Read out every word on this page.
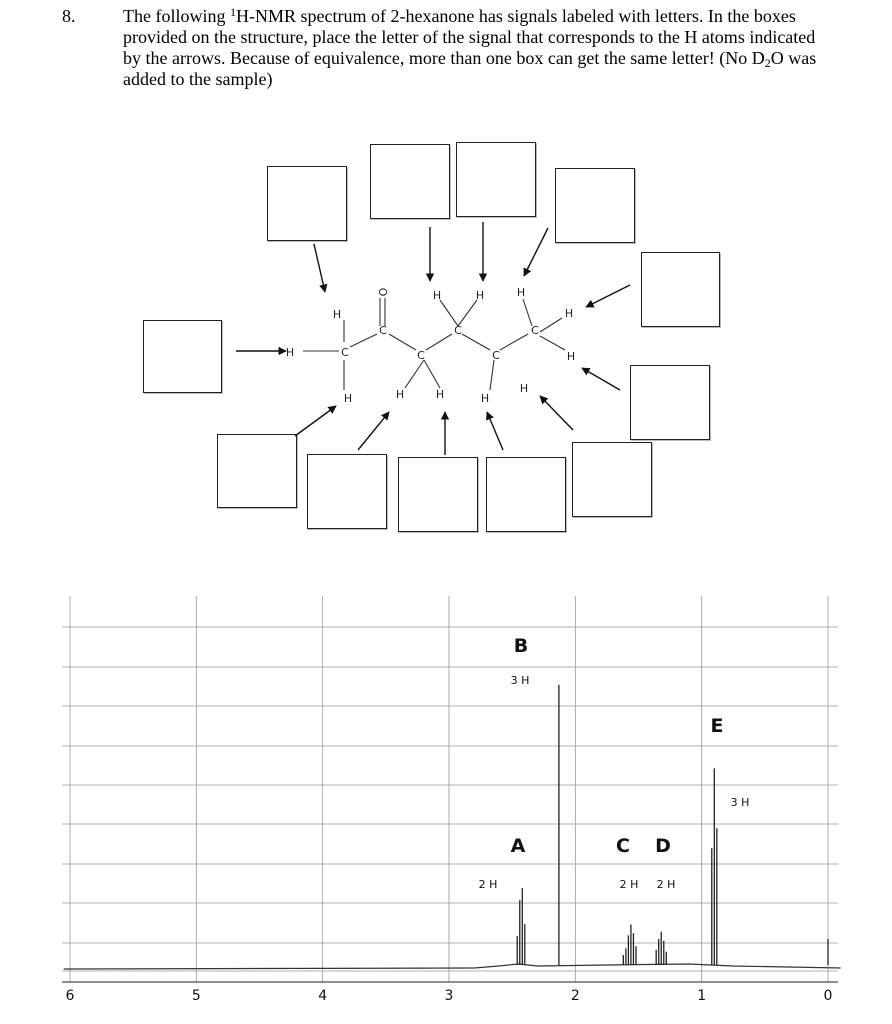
8.	The following $^1$H-NMR spectrum of 2-hexanone has signals labeled with letters. In the boxes provided on the structure, place the letter of the signal that corresponds to the H atoms indicated by the arrows. Because of equivalence, more than one box can get the same letter! (No $D_2O$ was added to the sample)
H	C
H
H
C
O
C
H	H
C
H	H
C
H
H
C
H
H
H
6	5	4	3	2	1	0
A
2 H
B
3 H
C
2 H
D
2 H
E
3 H
